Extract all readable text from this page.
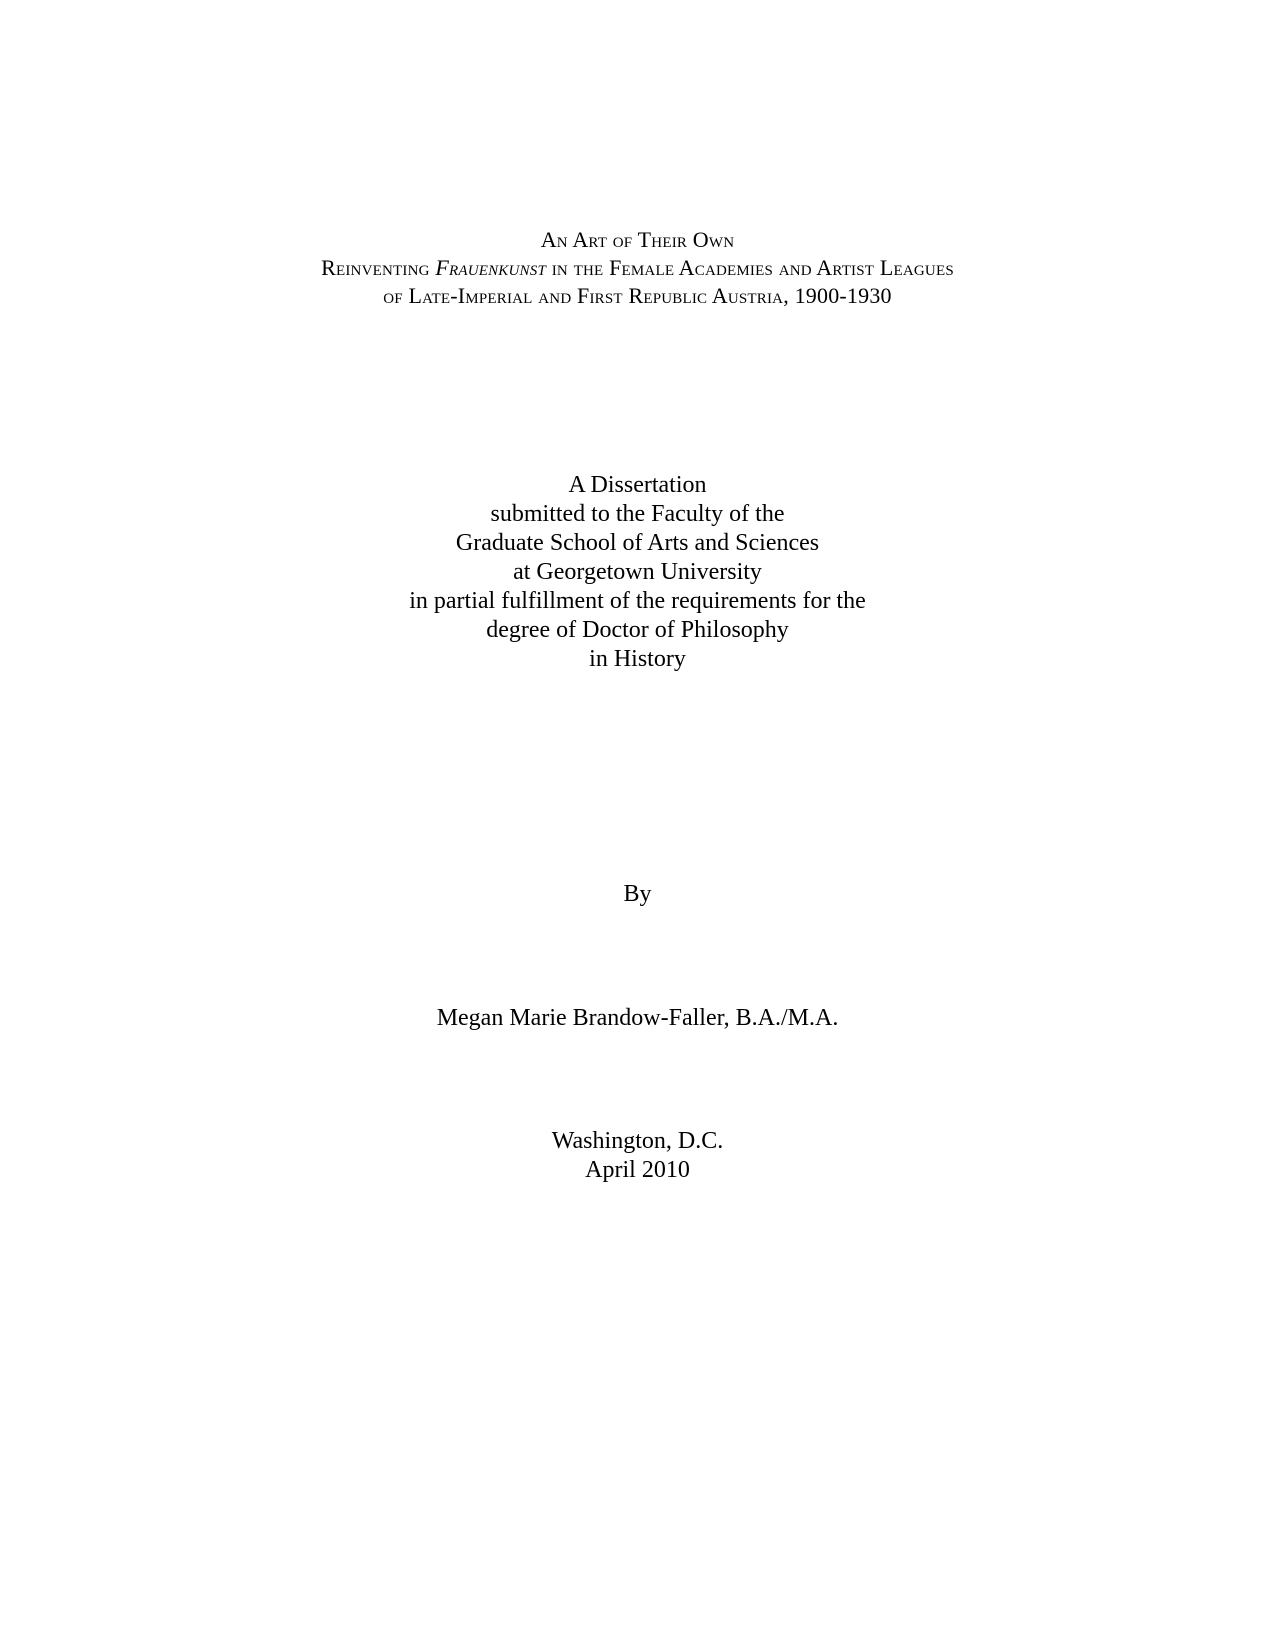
An Art of Their Own
Reinventing Frauenkunst in the Female Academies and Artist Leagues
of Late-Imperial and First Republic Austria, 1900-1930
A Dissertation
submitted to the Faculty of the
Graduate School of Arts and Sciences
at Georgetown University
in partial fulfillment of the requirements for the
degree of Doctor of Philosophy
in History
By
Megan Marie Brandow-Faller, B.A./M.A.
Washington, D.C.
April 2010
